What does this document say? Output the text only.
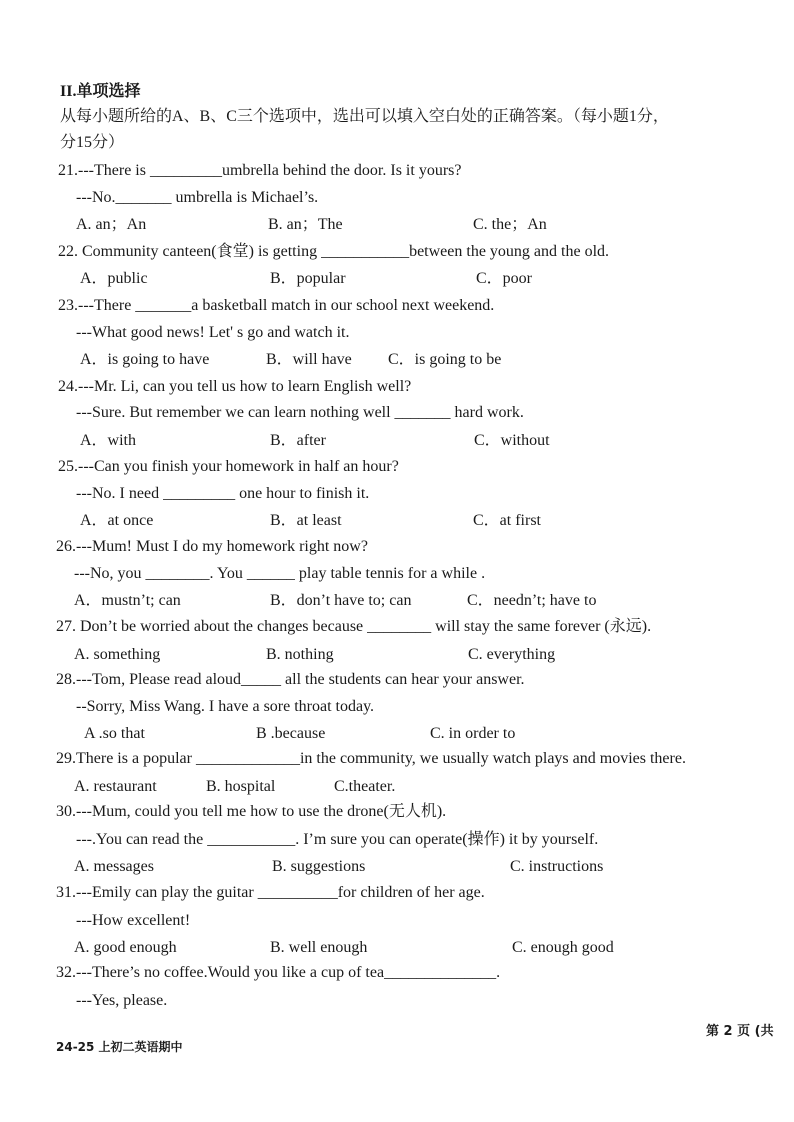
II.单项选择
从每小题所给的A、B、C三个选项中，选出可以填入空白处的正确答案。（每小题1分，
分15分）
21.---There is _________umbrella behind the door. Is it yours?
---No._______ umbrella is Michael’s.
A. an；An	B. an；The	C. the；An
22. Community canteen(食堂) is getting ___________between the young and the old.
A．public	B．popular	C．poor
23.---There _______a basketball match in our school next weekend.
---What good news! Let' s go and watch it.
A．is going to have	B．will have C．is going to be
24.---Mr. Li, can you tell us how to learn English well?
---Sure. But remember we can learn nothing well _______ hard work.
A．with	B．after	C．without
25.---Can you finish your homework in half an hour?
---No. I need _________ one hour to finish it.
A．at once	B．at least	C．at first
26.---Mum! Must I do my homework right now?
---No, you ________. You ______ play table tennis for a while .
A．mustn’t; can	B．don’t have to; can	C．needn’t; have to
27. Don’t be worried about the changes because ________ will stay the same forever (永远).
A. something	B. nothing	C. everything
28.---Tom, Please read aloud_____ all the students can hear your answer.
--Sorry, Miss Wang. I have a sore throat today.
A .so that	B .because	C. in order to
29.There is a popular _____________in the community, we usually watch plays and movies there.
A. restaurant	B. hospital	C.theater.
30.---Mum, could you tell me how to use the drone(无人机).
---.You can read the ___________. I’m sure you can operate(操作) it by yourself.
A. messages	B. suggestions	C. instructions
31.---Emily can play the guitar __________for children of her age.
---How excellent!
A. good enough	B. well enough	C. enough good
32.---There’s no coffee.Would you like a cup of tea______________.
---Yes, please.
第 2 页 (共
24-25 上初二英语期中
